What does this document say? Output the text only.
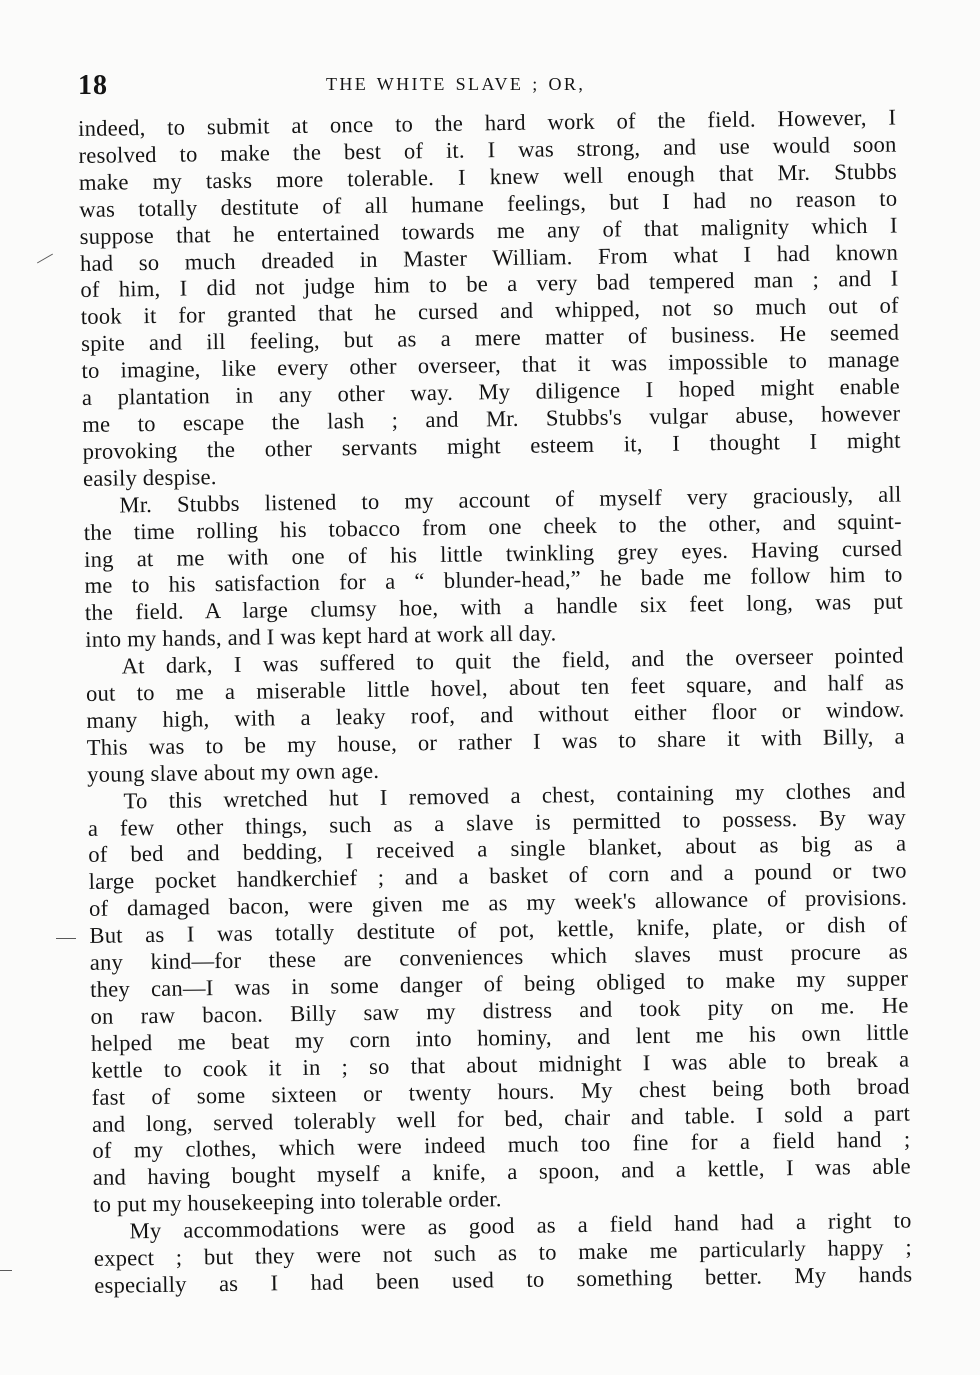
18	THE WHITE SLAVE ; OR,
indeed, to submit at once to the hard work of the field. However, I
resolved to make the best of it. I was strong, and use would soon
make my tasks more tolerable. I knew well enough that Mr. Stubbs
was totally destitute of all humane feelings, but I had no reason to
suppose that he entertained towards me any of that malignity which I
had so much dreaded in Master William. From what I had known
of him, I did not judge him to be a very bad tempered man ; and I
took it for granted that he cursed and whipped, not so much out of
spite and ill feeling, but as a mere matter of business. He seemed
to imagine, like every other overseer, that it was impossible to manage
a plantation in any other way. My diligence I hoped might enable
me to escape the lash ; and Mr. Stubbs's vulgar abuse, however
provoking the other servants might esteem it, I thought I might
easily despise.
Mr. Stubbs listened to my account of myself very graciously, all
the time rolling his tobacco from one cheek to the other, and squint-
ing at me with one of his little twinkling grey eyes. Having cursed
me to his satisfaction for a “ blunder-head,” he bade me follow him to
the field. A large clumsy hoe, with a handle six feet long, was put
into my hands, and I was kept hard at work all day.
At dark, I was suffered to quit the field, and the overseer pointed
out to me a miserable little hovel, about ten feet square, and half as
many high, with a leaky roof, and without either floor or window.
This was to be my house, or rather I was to share it with Billy, a
young slave about my own age.
To this wretched hut I removed a chest, containing my clothes and
a few other things, such as a slave is permitted to possess. By way
of bed and bedding, I received a single blanket, about as big as a
large pocket handkerchief ; and a basket of corn and a pound or two
of damaged bacon, were given me as my week's allowance of provisions.
But as I was totally destitute of pot, kettle, knife, plate, or dish of
any kind—for these are conveniences which slaves must procure as
they can—I was in some danger of being obliged to make my supper
on raw bacon. Billy saw my distress and took pity on me. He
helped me beat my corn into hominy, and lent me his own little
kettle to cook it in ; so that about midnight I was able to break a
fast of some sixteen or twenty hours. My chest being both broad
and long, served tolerably well for bed, chair and table. I sold a part
of my clothes, which were indeed much too fine for a field hand ;
and having bought myself a knife, a spoon, and a kettle, I was able
to put my housekeeping into tolerable order.
My accommodations were as good as a field hand had a right to
expect ; but they were not such as to make me particularly happy ;
especially as I had been used to something better. My hands
